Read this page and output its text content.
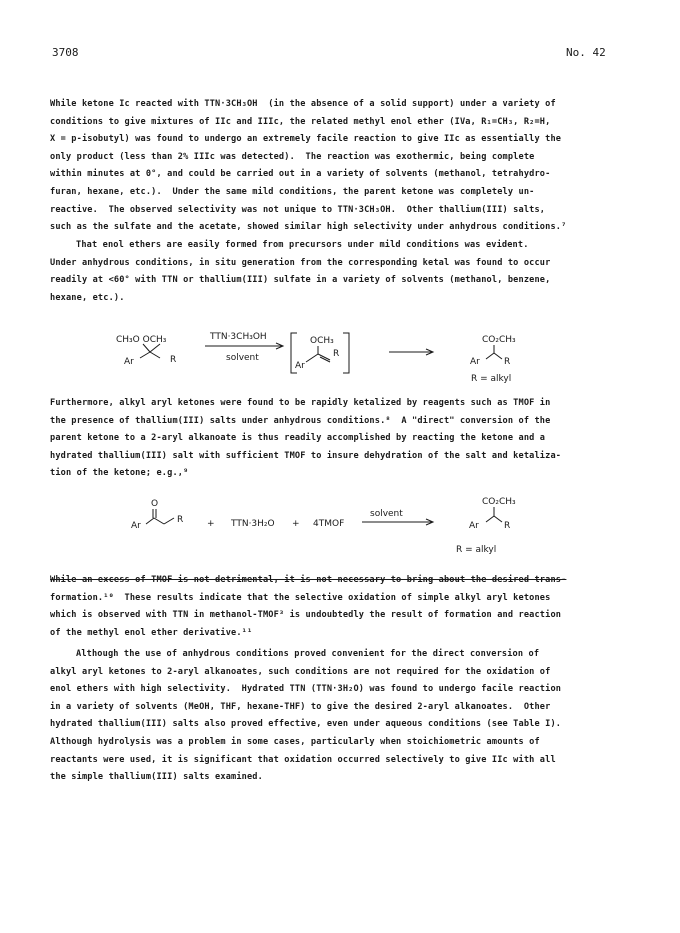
3708	No. 42
While ketone Ic reacted with TTN·3CH₃OH  (in the absence of a solid support) under a variety of
conditions to give mixtures of IIc and IIIc, the related methyl enol ether (IVa, R₁=CH₃, R₂=H,
X = p-isobutyl) was found to undergo an extremely facile reaction to give IIc as essentially the
only product (less than 2% IIIc was detected).  The reaction was exothermic, being complete
within minutes at 0°, and could be carried out in a variety of solvents (methanol, tetrahydro-
furan, hexane, etc.).  Under the same mild conditions, the parent ketone was completely un-
reactive.  The observed selectivity was not unique to TTN·3CH₃OH.  Other thallium(III) salts,
such as the sulfate and the acetate, showed similar high selectivity under anhydrous conditions.⁷
That enol ethers are easily formed from precursors under mild conditions was evident.
Under anhydrous conditions, in situ generation from the corresponding ketal was found to occur
readily at <60° with TTN or thallium(III) sulfate in a variety of solvents (methanol, benzene,
hexane, etc.).
Furthermore, alkyl aryl ketones were found to be rapidly ketalized by reagents such as TMOF in
the presence of thallium(III) salts under anhydrous conditions.⁸  A "direct" conversion of the
parent ketone to a 2-aryl alkanoate is thus readily accomplished by reacting the ketone and a
hydrated thallium(III) salt with sufficient TMOF to insure dehydration of the salt and ketaliza-
tion of the ketone; e.g.,⁹
While an excess of TMOF is not detrimental, it is not necessary to bring about the desired trans-
formation.¹⁰  These results indicate that the selective oxidation of simple alkyl aryl ketones
which is observed with TTN in methanol-TMOF³ is undoubtedly the result of formation and reaction
of the methyl enol ether derivative.¹¹
Although the use of anhydrous conditions proved convenient for the direct conversion of
alkyl aryl ketones to 2-aryl alkanoates, such conditions are not required for the oxidation of
enol ethers with high selectivity.  Hydrated TTN (TTN·3H₂O) was found to undergo facile reaction
in a variety of solvents (MeOH, THF, hexane-THF) to give the desired 2-aryl alkanoates.  Other
hydrated thallium(III) salts also proved effective, even under aqueous conditions (see Table I).
Although hydrolysis was a problem in some cases, particularly when stoichiometric amounts of
reactants were used, it is significant that oxidation occurred selectively to give IIc with all
the simple thallium(III) salts examined.
CH₃O OCH₃
Ar	R
TTN·3CH₃OH
solvent
OCH₃
Ar
R
CO₂CH₃
Ar	R
R = alkyl
O
Ar
R	+ TTN·3H₂O + 4TMOF
solvent
CO₂CH₃
Ar	R
R = alkyl
